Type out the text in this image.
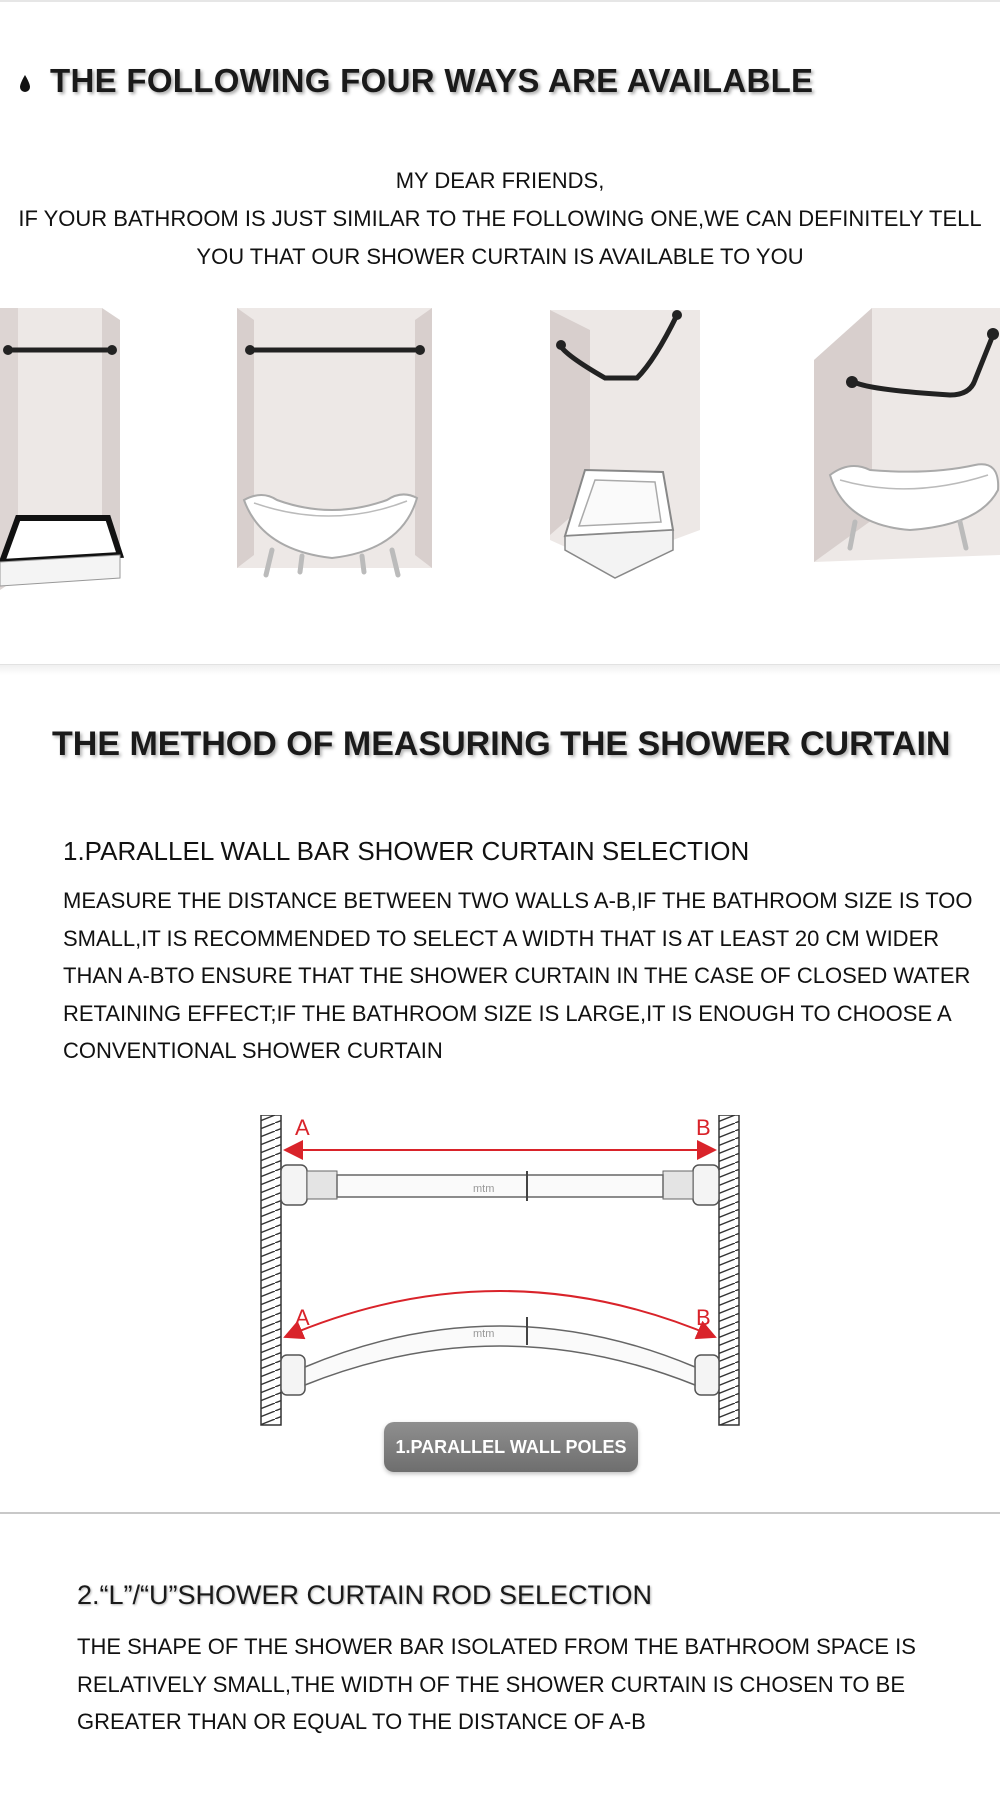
THE FOLLOWING FOUR WAYS ARE AVAILABLE
MY DEAR FRIENDS,
IF YOUR BATHROOM IS JUST SIMILAR TO THE FOLLOWING ONE,WE CAN DEFINITELY TELL
YOU THAT OUR SHOWER CURTAIN IS AVAILABLE TO YOU
THE METHOD OF MEASURING THE SHOWER CURTAIN
1.PARALLEL WALL BAR SHOWER CURTAIN SELECTION
MEASURE THE DISTANCE BETWEEN TWO WALLS A-B,IF THE BATHROOM SIZE IS TOO
SMALL,IT IS RECOMMENDED TO SELECT A WIDTH THAT IS AT LEAST 20 CM WIDER
THAN A-BTO ENSURE THAT THE SHOWER CURTAIN IN THE CASE OF CLOSED WATER
RETAINING EFFECT;IF THE BATHROOM SIZE IS LARGE,IT IS ENOUGH TO CHOOSE A
CONVENTIONAL SHOWER CURTAIN
A	B
mtm
A	B
mtm
1.PARALLEL WALL POLES
2.“L”/“U”SHOWER CURTAIN ROD SELECTION
THE SHAPE OF THE SHOWER BAR ISOLATED FROM THE BATHROOM SPACE IS
RELATIVELY SMALL,THE WIDTH OF THE SHOWER CURTAIN IS CHOSEN TO BE
GREATER THAN OR EQUAL TO THE DISTANCE OF A-B
